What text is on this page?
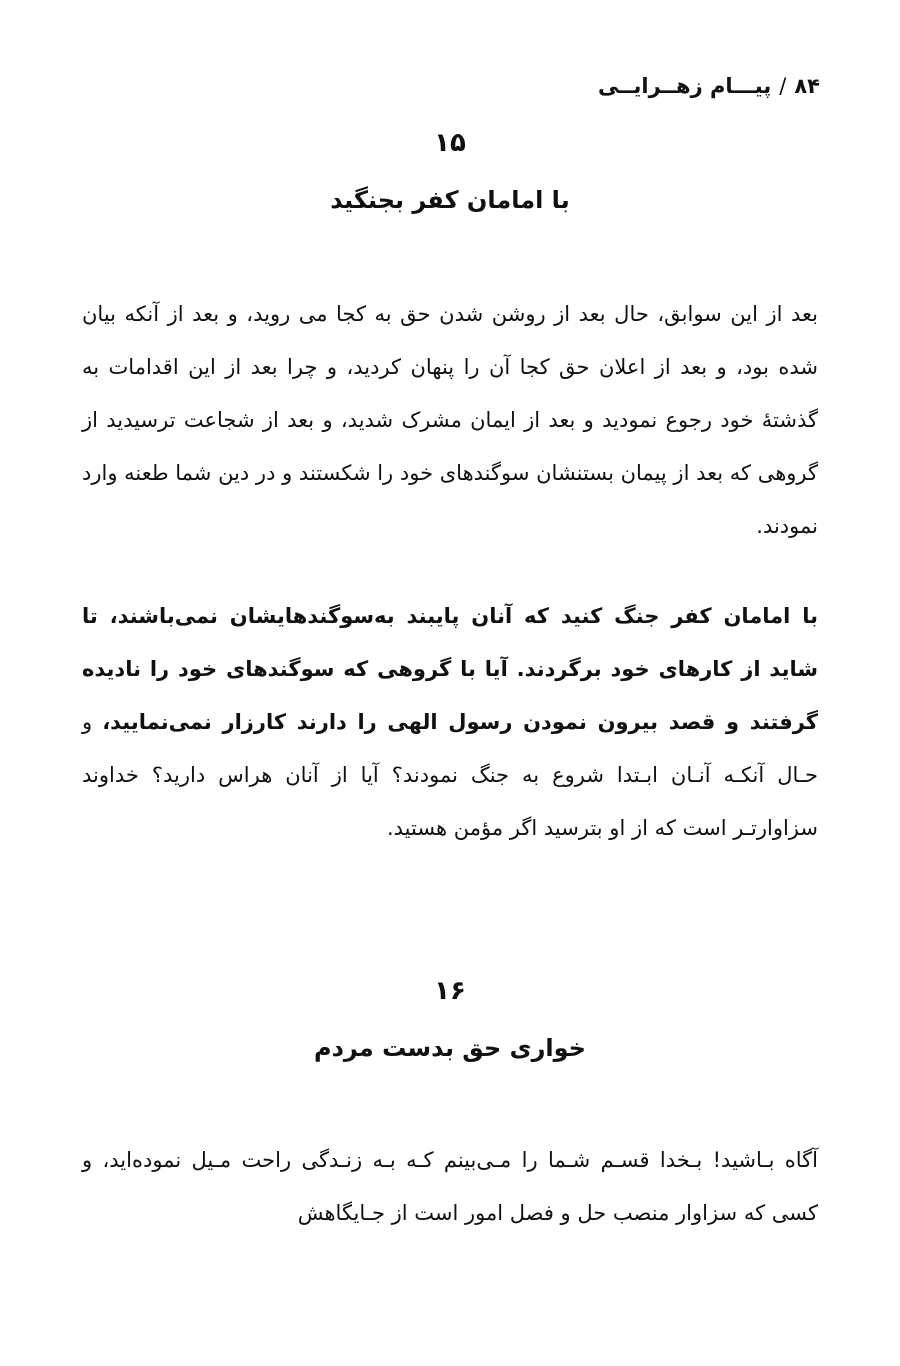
۸۴/پیـــام زهــرایــی
۱۵
با امامان کفر بجنگید

بعد از این سوابق، حال بعد از روشن شدن حق به کجا می روید، و بعد از آنکه بیان شده بود، و بعد از اعلان حق کجا آن را پنهان کردید، و چرا بعد از این اقدامات به گذشتهٔ خود رجوع نمودید و بعد از ایمان مشرک شدید، و بعد از شجاعت ترسیدید از گروهی که بعد از پیمان بستنشان سوگندهای خود را شکستند و در دین شما طعنه وارد نمودند.

با امامان کفر جنگ کنید که آنان پایبند به‌سوگندهایشان نمی‌باشند، تا شاید از کارهای خود برگردند. آیا با گروهی که سوگندهای خود را نادیده گرفتند و قصد بیرون نمودن رسول الهی را دارند کارزار نمی‌نمایید، و حـال آنکـه آنـان ابـتدا شروع به جنگ نمودند؟ آیا از آنان هراس دارید؟ خداوند سزاوارتـر است که از او بترسید اگر مؤمن هستید.

۱۶
خواری حق بدست مردم

آگاه بـاشید! بـخدا قسـم شـما را مـی‌بینم کـه بـه زنـدگی راحت مـیل نموده‌اید، و کسی که سزاوار منصب حل و فصل امور است از جـایگاهش
